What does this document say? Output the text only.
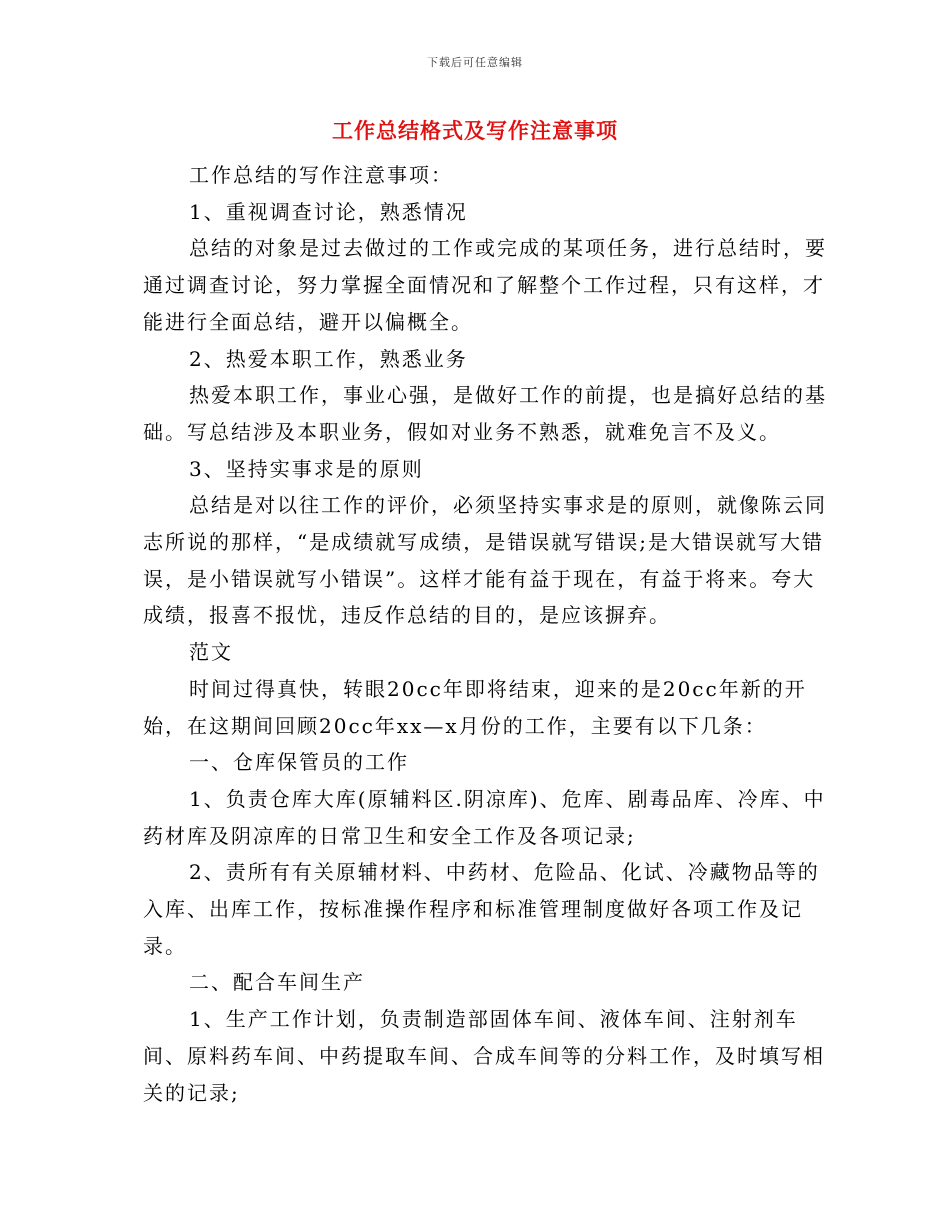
下载后可任意编辑
工作总结格式及写作注意事项

工作总结的写作注意事项：

1、重视调查讨论，熟悉情况

总结的对象是过去做过的工作或完成的某项任务，进行总结时，要通过调查讨论，努力掌握全面情况和了解整个工作过程，只有这样，才能进行全面总结，避开以偏概全。

2、热爱本职工作，熟悉业务

热爱本职工作，事业心强，是做好工作的前提，也是搞好总结的基础。写总结涉及本职业务，假如对业务不熟悉，就难免言不及义。

3、坚持实事求是的原则

总结是对以往工作的评价，必须坚持实事求是的原则，就像陈云同志所说的那样，“是成绩就写成绩，是错误就写错误;是大错误就写大错误，是小错误就写小错误”。这样才能有益于现在，有益于将来。夸大成绩，报喜不报忧，违反作总结的目的，是应该摒弃。

范文

时间过得真快，转眼20cc年即将结束，迎来的是20cc年新的开始，在这期间回顾20cc年xx—x月份的工作，主要有以下几条：

一、仓库保管员的工作

1、负责仓库大库(原辅料区.阴凉库)、危库、剧毒品库、冷库、中药材库及阴凉库的日常卫生和安全工作及各项记录;

2、责所有有关原辅材料、中药材、危险品、化试、冷藏物品等的入库、出库工作，按标准操作程序和标准管理制度做好各项工作及记录。

二、配合车间生产

1、生产工作计划，负责制造部固体车间、液体车间、注射剂车间、原料药车间、中药提取车间、合成车间等的分料工作，及时填写相关的记录;
